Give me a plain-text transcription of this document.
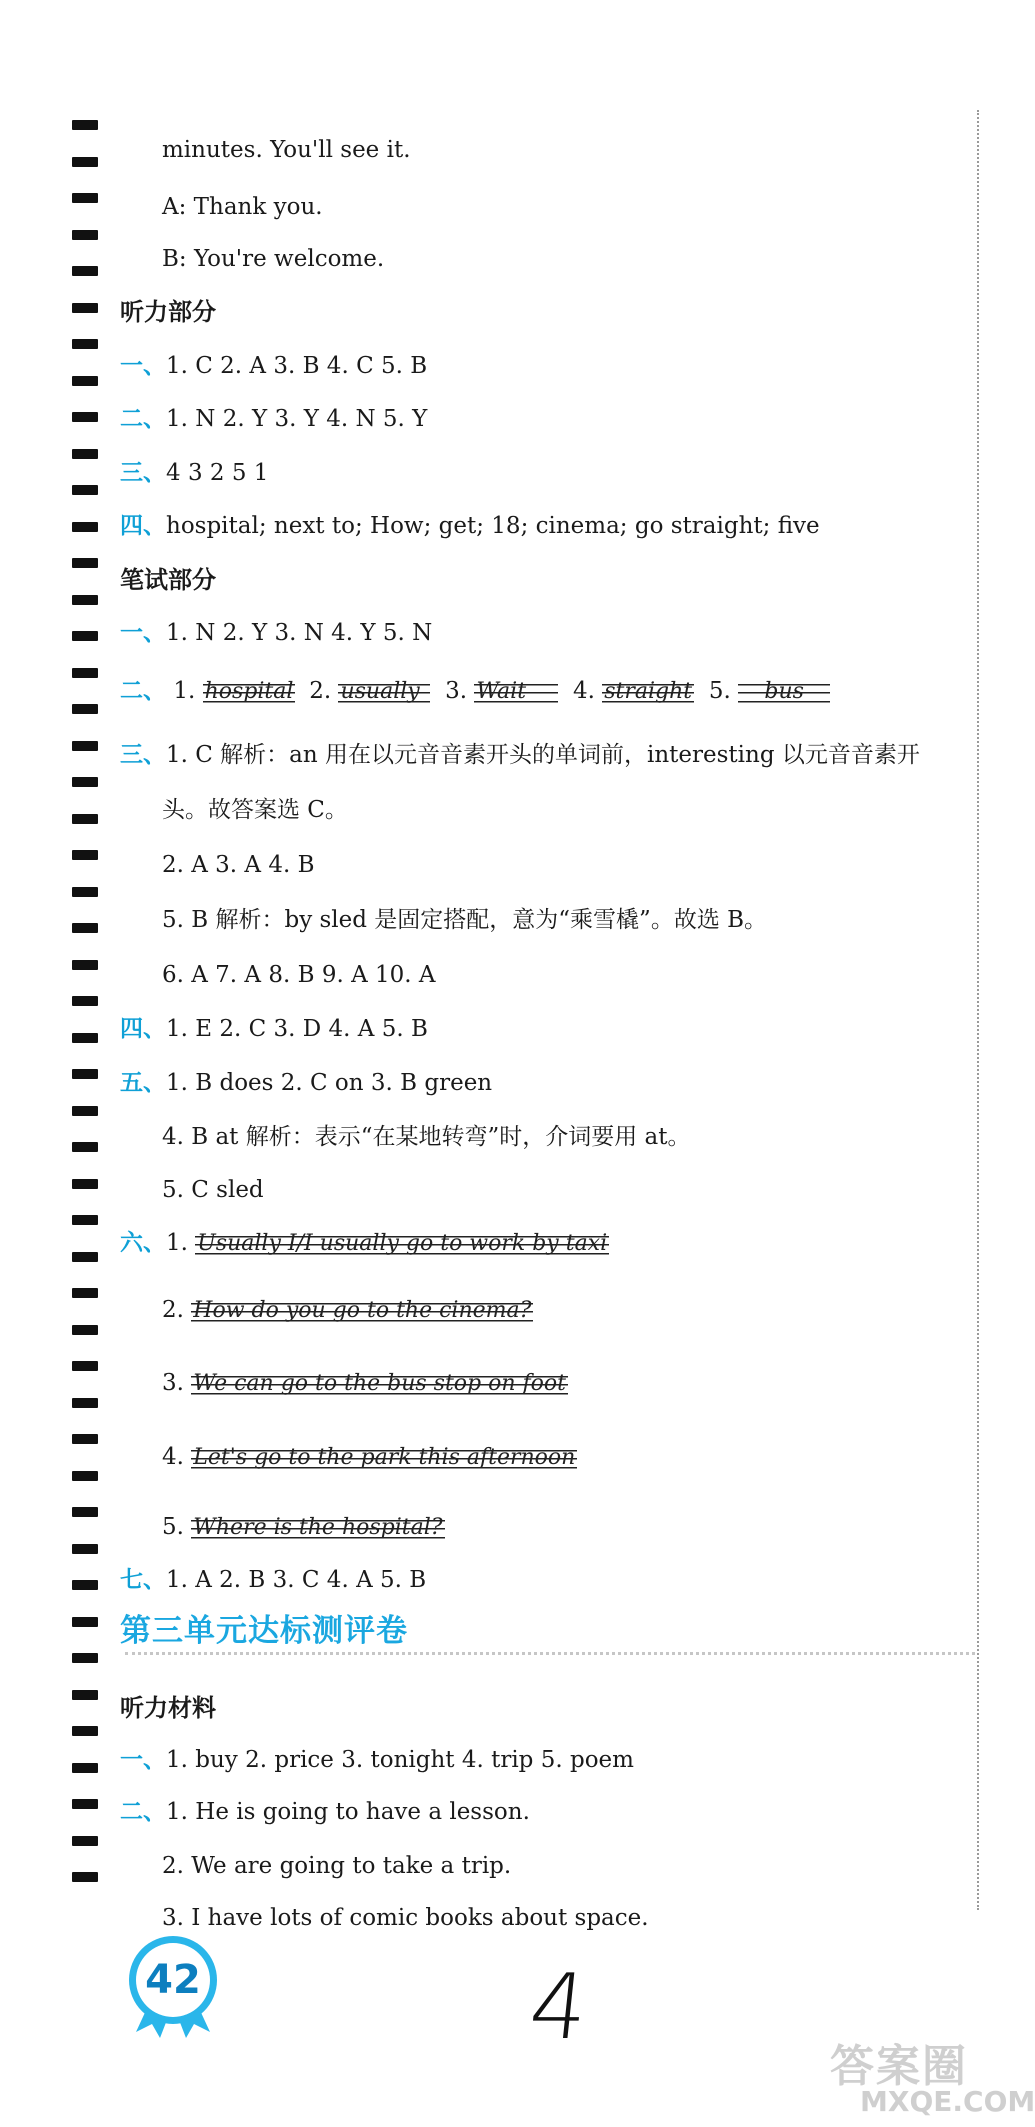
minutes. You'll see it.
A: Thank you.
B: You're welcome.
听力部分
一、1. C 2. A 3. B 4. C 5. B
二、1. N 2. Y 3. Y 4. N 5. Y
三、4 3 2 5 1
四、hospital; next to; How; get; 18; cinema; go straight; five
笔试部分
一、1. N 2. Y 3. N 4. Y 5. N
二、 1. hospital 2. usually 3. Wait 4. straight 5. bus
三、1. C 解析：an 用在以元音音素开头的单词前，interesting 以元音音素开
头。故答案选 C。
2. A 3. A 4. B
5. B 解析：by sled 是固定搭配，意为“乘雪橇”。故选 B。
6. A 7. A 8. B 9. A 10. A
四、1. E 2. C 3. D 4. A 5. B
五、1. B does 2. C on 3. B green
4. B at 解析：表示“在某地转弯”时，介词要用 at。
5. C sled
六、1. Usually I/I usually go to work by taxi
2. How do you go to the cinema?
3. We can go to the bus stop on foot
4. Let's go to the park this afternoon
5. Where is the hospital?
七、1. A 2. B 3. C 4. A 5. B
第三单元达标测评卷
听力材料
一、1. buy 2. price 3. tonight 4. trip 5. poem
二、1. He is going to have a lesson.
2. We are going to take a trip.
3. I have lots of comic books about space.
42	4
答案圈
MXQE.COM
